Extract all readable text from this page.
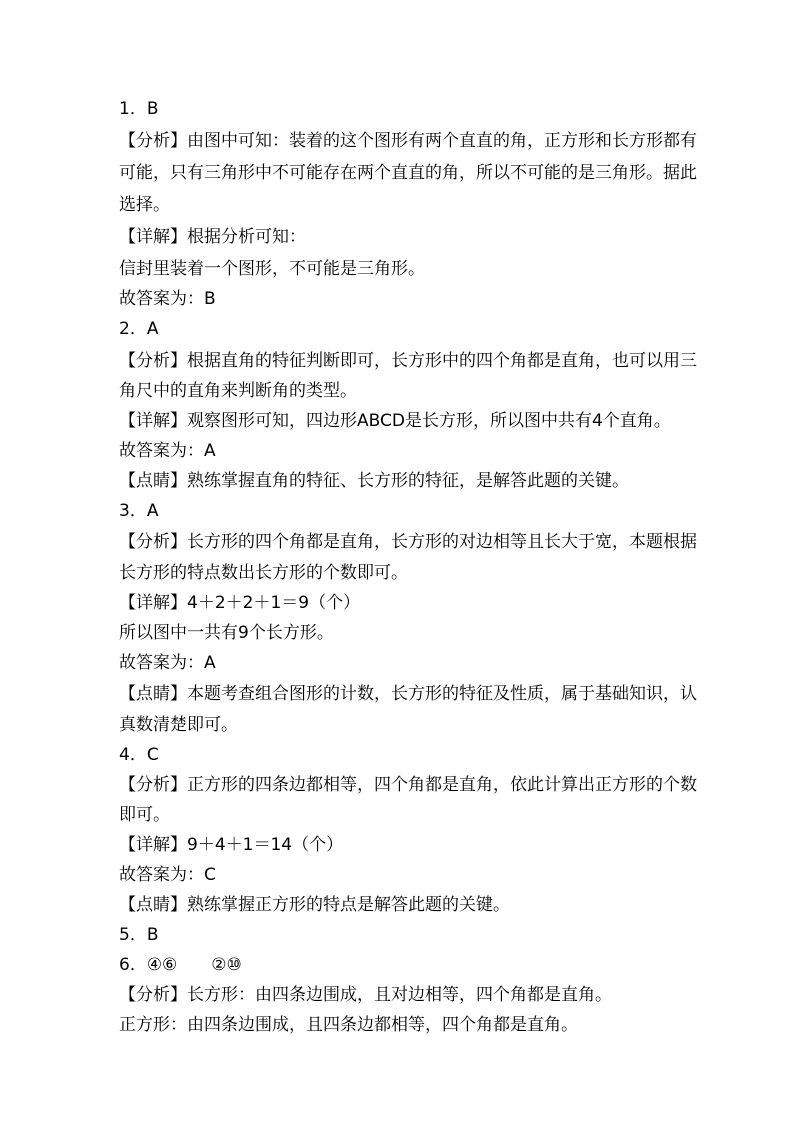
1．B
【分析】由图中可知：装着的这个图形有两个直直的角，正方形和长方形都有
可能，只有三角形中不可能存在两个直直的角，所以不可能的是三角形。据此
选择。
【详解】根据分析可知：
信封里装着一个图形，不可能是三角形。
故答案为：B
2．A
【分析】根据直角的特征判断即可，长方形中的四个角都是直角，也可以用三
角尺中的直角来判断角的类型。
【详解】观察图形可知，四边形ABCD是长方形，所以图中共有4个直角。
故答案为：A
【点睛】熟练掌握直角的特征、长方形的特征，是解答此题的关键。
3．A
【分析】长方形的四个角都是直角，长方形的对边相等且长大于宽，本题根据
长方形的特点数出长方形的个数即可。
【详解】4＋2＋2＋1＝9（个）
所以图中一共有9个长方形。
故答案为：A
【点睛】本题考查组合图形的计数，长方形的特征及性质，属于基础知识，认
真数清楚即可。
4．C
【分析】正方形的四条边都相等，四个角都是直角，依此计算出正方形的个数
即可。
【详解】9＋4＋1＝14（个）
故答案为：C
【点睛】熟练掌握正方形的特点是解答此题的关键。
5．B
6．④⑥　　②⑩
【分析】长方形：由四条边围成，且对边相等，四个角都是直角。
正方形：由四条边围成，且四条边都相等，四个角都是直角。
